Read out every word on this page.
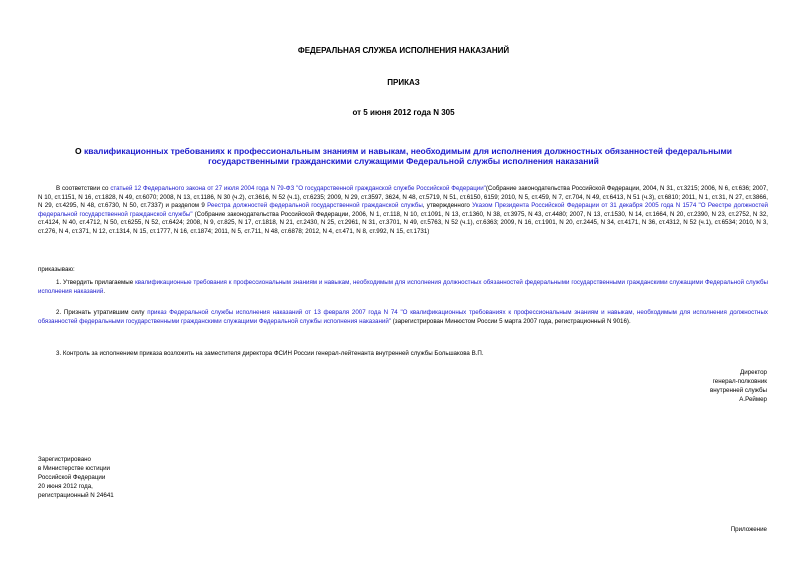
ФЕДЕРАЛЬНАЯ СЛУЖБА ИСПОЛНЕНИЯ НАКАЗАНИЙ
ПРИКАЗ
от 5 июня 2012 года N 305
О квалификационных требованиях к профессиональным знаниям и навыкам, необходимым для исполнения должностных обязанностей федеральными государственными гражданскими служащими Федеральной службы исполнения наказаний
В соответствии со статьей 12 Федерального закона от 27 июля 2004 года N 79-ФЗ "О государственной гражданской службе Российской Федерации"(Собрание законодательства Российской Федерации, 2004, N 31, ст.3215; 2006, N 6, ст.636; 2007, N 10, ст.1151, N 16, ст.1828, N 49, ст.6070; 2008, N 13, ст.1186, N 30 (ч.2), ст.3616, N 52 (ч.1), ст.6235; 2009, N 29, ст.3597, 3624, N 48, ст.5719, N 51, ст.6150, 6159; 2010, N 5, ст.459, N 7, ст.704, N 49, ст.6413, N 51 (ч.3), ст.6810; 2011, N 1, ст.31, N 27, ст.3866, N 29, ст.4295, N 48, ст.6730, N 50, ст.7337) и разделом 9 Реестра должностей федеральной государственной гражданской службы, утвержденного Указом Президента Российской Федерации от 31 декабря 2005 года N 1574 "О Реестре должностей федеральной государственной гражданской службы" (Собрание законодательства Российской Федерации, 2006, N 1, ст.118, N 10, ст.1091, N 13, ст.1360, N 38, ст.3975, N 43, ст.4480; 2007, N 13, ст.1530, N 14, ст.1664, N 20, ст.2390, N 23, ст.2752, N 32, ст.4124, N 40, ст.4712, N 50, ст.6255, N 52, ст.6424; 2008, N 9, ст.825, N 17, ст.1818, N 21, ст.2430, N 25, ст.2961, N 31, ст.3701, N 49, ст.5763, N 52 (ч.1), ст.6363; 2009, N 16, ст.1901, N 20, ст.2445, N 34, ст.4171, N 36, ст.4312, N 52 (ч.1), ст.6534; 2010, N 3, ст.276, N 4, ст.371, N 12, ст.1314, N 15, ст.1777, N 16, ст.1874; 2011, N 5, ст.711, N 48, ст.6878; 2012, N 4, ст.471, N 8, ст.992, N 15, ст.1731)
приказываю:
1. Утвердить прилагаемые квалификационные требования к профессиональным знаниям и навыкам, необходимым для исполнения должностных обязанностей федеральными государственными гражданскими служащими Федеральной службы исполнения наказаний.
2. Признать утратившим силу приказ Федеральной службы исполнения наказаний от 13 февраля 2007 года N 74 "О квалификационных требованиях к профессиональным знаниям и навыкам, необходимым для исполнения должностных обязанностей федеральными государственными гражданскими служащими Федеральной службы исполнения наказаний" (зарегистрирован Минюстом России 5 марта 2007 года, регистрационный N 9016).
3. Контроль за исполнением приказа возложить на заместителя директора ФСИН России генерал-лейтенанта внутренней службы Большакова В.П.
Директор
генерал-полковник
внутренней службы
А.Реймер
Зарегистрировано
в Министерстве юстиции
Российской Федерации
20 июня 2012 года,
регистрационный N 24641
Приложение
